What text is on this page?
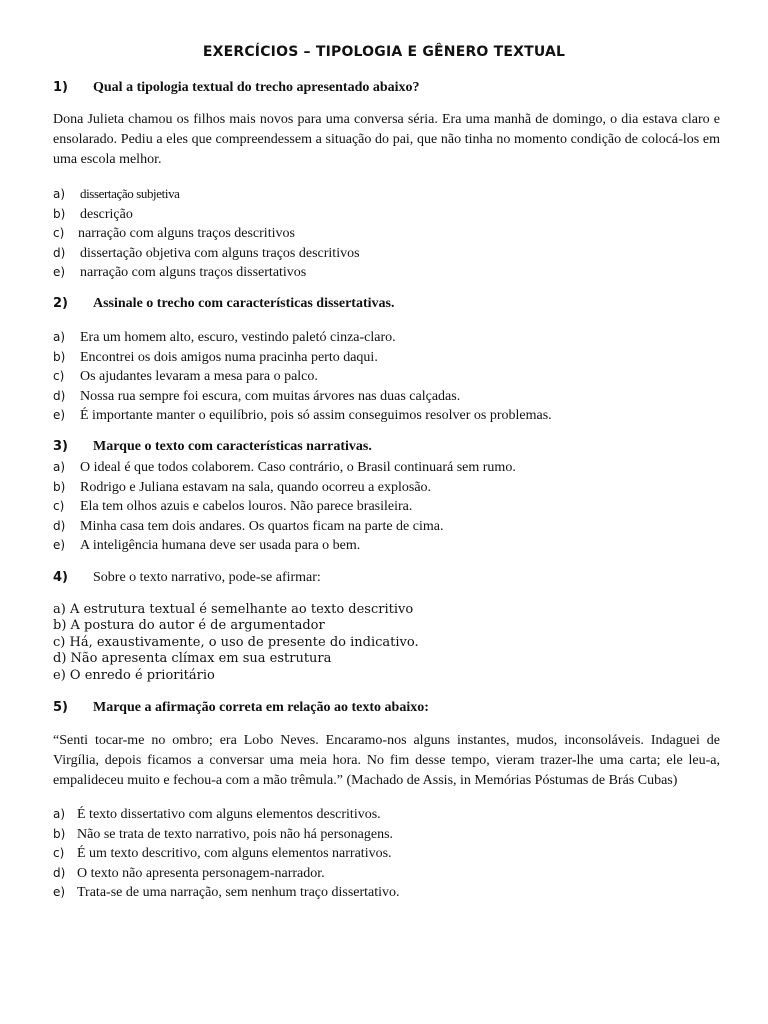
EXERCÍCIOS – TIPOLOGIA E GÊNERO TEXTUAL
1) Qual a tipologia textual do trecho apresentado abaixo?
Dona Julieta chamou os filhos mais novos para uma conversa séria. Era uma manhã de domingo, o dia estava claro e ensolarado. Pediu a eles que compreendessem a situação do pai, que não tinha no momento condição de colocá-los em uma escola melhor.
a) dissertação subjetiva
b) descrição
c) narração com alguns traços descritivos
d) dissertação objetiva com alguns traços descritivos
e) narração com alguns traços dissertativos
2) Assinale o trecho com características dissertativas.
a) Era um homem alto, escuro, vestindo paletó cinza-claro.
b) Encontrei os dois amigos numa pracinha perto daqui.
c) Os ajudantes levaram a mesa para o palco.
d) Nossa rua sempre foi escura, com muitas árvores nas duas calçadas.
e) É importante manter o equilíbrio, pois só assim conseguimos resolver os problemas.
3) Marque o texto com características narrativas.
a) O ideal é que todos colaborem. Caso contrário, o Brasil continuará sem rumo.
b) Rodrigo e Juliana estavam na sala, quando ocorreu a explosão.
c) Ela tem olhos azuis e cabelos louros. Não parece brasileira.
d) Minha casa tem dois andares. Os quartos ficam na parte de cima.
e) A inteligência humana deve ser usada para o bem.
4) Sobre o texto narrativo, pode-se afirmar:
a) A estrutura textual é semelhante ao texto descritivo
b) A postura do autor é de argumentador
c) Há, exaustivamente, o uso de presente do indicativo.
d) Não apresenta clímax em sua estrutura
e) O enredo é prioritário
5) Marque a afirmação correta em relação ao texto abaixo:
“Senti tocar-me no ombro; era Lobo Neves. Encaramo-nos alguns instantes, mudos, inconsoláveis. Indaguei de Virgília, depois ficamos a conversar uma meia hora. No fim desse tempo, vieram trazer-lhe uma carta; ele leu-a, empalideceu muito e fechou-a com a mão trêmula.” (Machado de Assis, in Memórias Póstumas de Brás Cubas)
a) É texto dissertativo com alguns elementos descritivos.
b) Não se trata de texto narrativo, pois não há personagens.
c) É um texto descritivo, com alguns elementos narrativos.
d) O texto não apresenta personagem-narrador.
e) Trata-se de uma narração, sem nenhum traço dissertativo.
